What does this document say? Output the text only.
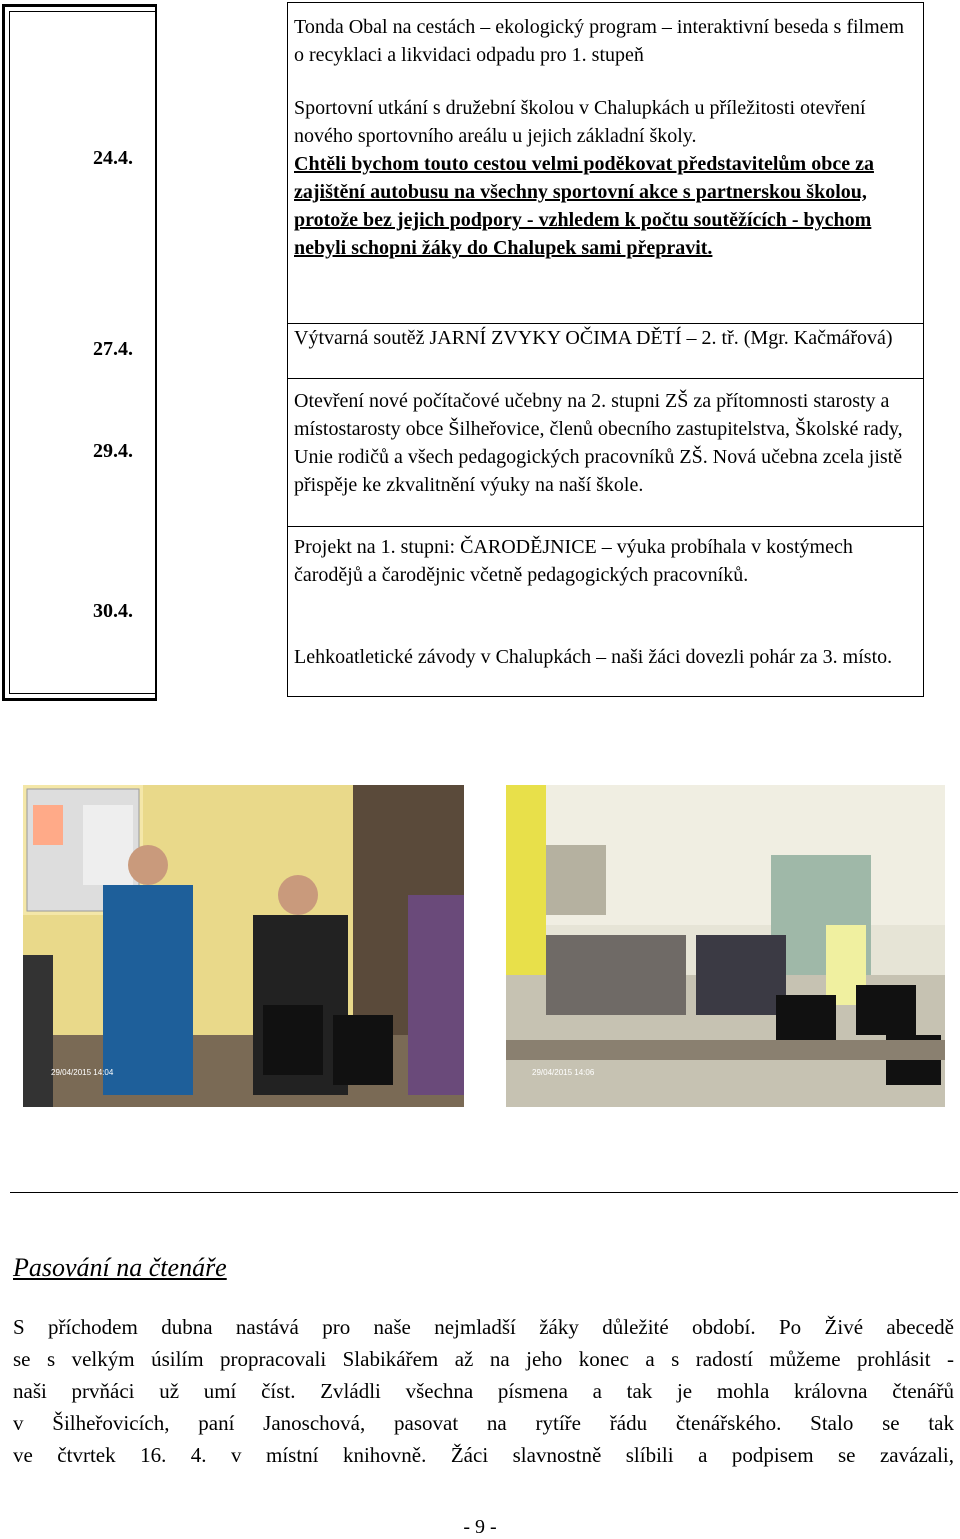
24.4.
27.4.
29.4.
30.4.
Tonda Obal na cestách – ekologický program – interaktivní beseda s filmem o recyklaci a likvidaci odpadu pro 1. stupeň
Sportovní utkání s družební školou v Chalupkách u příležitosti otevření nového sportovního areálu u jejich základní školy.
Chtěli bychom touto cestou velmi poděkovat představitelům obce za zajištění autobusu na všechny sportovní akce s partnerskou školou, protože bez jejich podpory - vzhledem k počtu soutěžících - bychom nebyli schopni žáky do Chalupek sami přepravit.
Výtvarná soutěž JARNÍ ZVYKY OČIMA DĚTÍ – 2. tř. (Mgr. Kačmářová)
Otevření nové počítačové učebny na 2. stupni ZŠ za přítomnosti starosty a místostarosty obce Šilheřovice, členů obecního zastupitelstva, Školské rady, Unie rodičů a všech pedagogických pracovníků ZŠ. Nová učebna zcela jistě přispěje ke zkvalitnění výuky na naší škole.
Projekt na 1. stupni: ČARODĚJNICE – výuka probíhala v kostýmech čarodějů a čarodějnic včetně pedagogických pracovníků.
Lehkoatletické závody v Chalupkách – naši žáci dovezli pohár za 3. místo.
29/04/2015 14:04	29/04/2015 14:06
Pasování na čtenáře
S příchodem dubna nastává pro naše nejmladší žáky důležité období. Po Živé abecedě
se s velkým úsilím propracovali Slabikářem až na jeho konec a s radostí můžeme prohlásit -
naši prvňáci už umí číst. Zvládli všechna písmena a tak je mohla královna čtenářů
v Šilheřovicích, paní Janoschová, pasovat na rytíře řádu čtenářského. Stalo se tak
ve čtvrtek 16. 4. v místní knihovně. Žáci slavnostně slíbili a podpisem se zavázali,
- 9 -
